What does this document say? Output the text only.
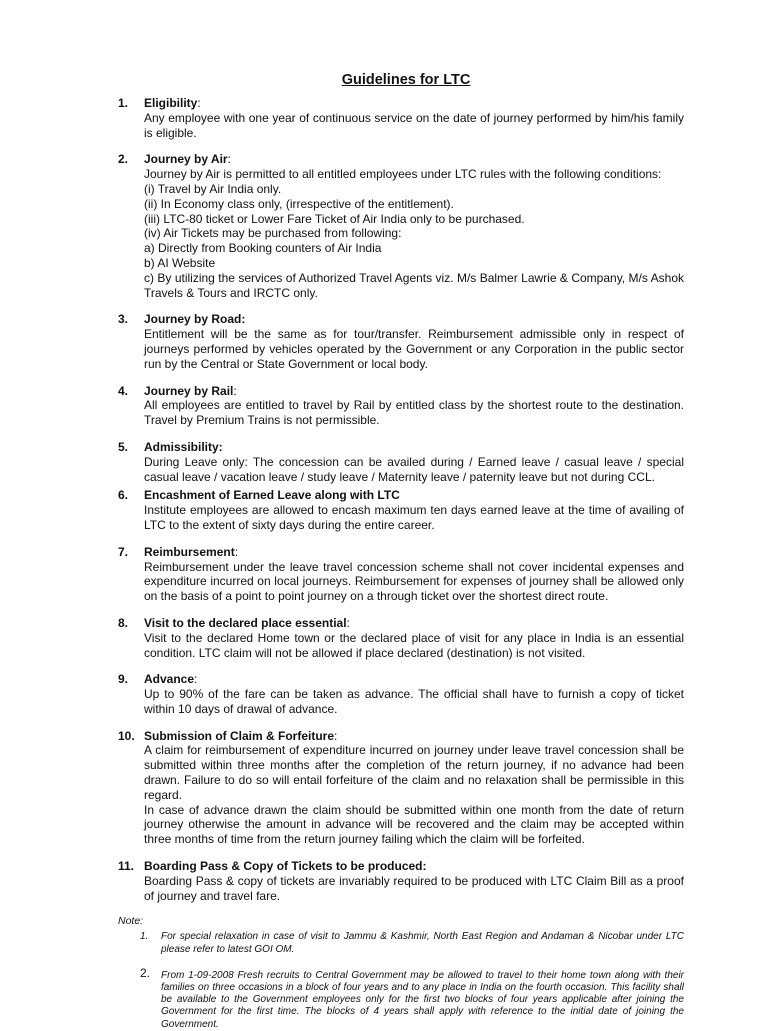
Guidelines for LTC
1. Eligibility:
Any employee with one year of continuous service on the date of journey performed by him/his family is eligible.
2. Journey by Air:
Journey by Air is permitted to all entitled employees under LTC rules with the following conditions:
(i) Travel by Air India only.
(ii) In Economy class only, (irrespective of the entitlement).
(iii) LTC-80 ticket or Lower Fare Ticket of Air India only to be purchased.
(iv) Air Tickets may be purchased from following:
a) Directly from Booking counters of Air India
b) AI Website
c) By utilizing the services of Authorized Travel Agents viz. M/s Balmer Lawrie & Company, M/s Ashok Travels & Tours and IRCTC only.
3. Journey by Road:
Entitlement will be the same as for tour/transfer. Reimbursement admissible only in respect of journeys performed by vehicles operated by the Government or any Corporation in the public sector run by the Central or State Government or local body.
4. Journey by Rail:
All employees are entitled to travel by Rail by entitled class by the shortest route to the destination. Travel by Premium Trains is not permissible.
5. Admissibility:
During Leave only: The concession can be availed during / Earned leave / casual leave / special casual leave / vacation leave / study leave / Maternity leave / paternity leave but not during CCL.
6. Encashment of Earned Leave along with LTC
Institute employees are allowed to encash maximum ten days earned leave at the time of availing of LTC to the extent of sixty days during the entire career.
7. Reimbursement:
Reimbursement under the leave travel concession scheme shall not cover incidental expenses and expenditure incurred on local journeys. Reimbursement for expenses of journey shall be allowed only on the basis of a point to point journey on a through ticket over the shortest direct route.
8. Visit to the declared place essential:
Visit to the declared Home town or the declared place of visit for any place in India is an essential condition. LTC claim will not be allowed if place declared (destination) is not visited.
9. Advance:
Up to 90% of the fare can be taken as advance. The official shall have to furnish a copy of ticket within 10 days of drawal of advance.
10. Submission of Claim & Forfeiture:
A claim for reimbursement of expenditure incurred on journey under leave travel concession shall be submitted within three months after the completion of the return journey, if no advance had been drawn. Failure to do so will entail forfeiture of the claim and no relaxation shall be permissible in this regard.
In case of advance drawn the claim should be submitted within one month from the date of return journey otherwise the amount in advance will be recovered and the claim may be accepted within three months of time from the return journey failing which the claim will be forfeited.
11. Boarding Pass & Copy of Tickets to be produced:
Boarding Pass & copy of tickets are invariably required to be produced with LTC Claim Bill as a proof of journey and travel fare.
Note:
1. For special relaxation in case of visit to Jammu & Kashmir, North East Region and Andaman & Nicobar under LTC please refer to latest GOI OM.
2. From 1-09-2008 Fresh recruits to Central Government may be allowed to travel to their home town along with their families on three occasions in a block of four years and to any place in India on the fourth occasion. This facility shall be available to the Government employees only for the first two blocks of four years applicable after joining the Government for the first time. The blocks of 4 years shall apply with reference to the initial date of joining the Government.
